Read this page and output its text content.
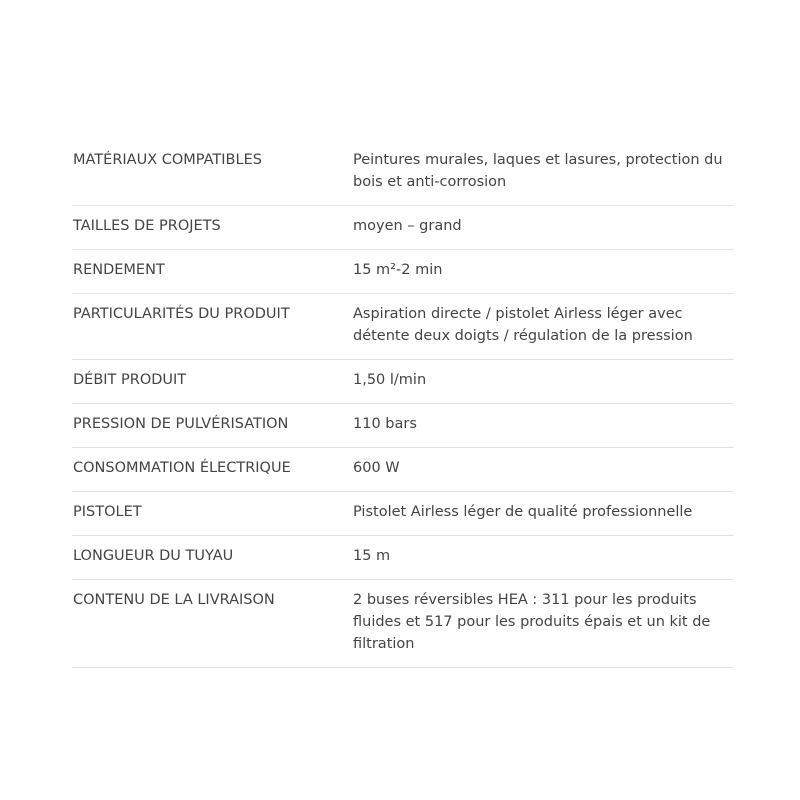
MATÉRIAUX COMPATIBLES	Peintures murales, laques et lasures, protection du bois et anti-corrosion
TAILLES DE PROJETS	moyen – grand
RENDEMENT	15 m²-2 min
PARTICULARITÉS DU PRODUIT	Aspiration directe / pistolet Airless léger avec détente deux doigts / régulation de la pression
DÉBIT PRODUIT	1,50 l/min
PRESSION DE PULVÉRISATION	110 bars
CONSOMMATION ÉLECTRIQUE	600 W
PISTOLET	Pistolet Airless léger de qualité professionnelle
LONGUEUR DU TUYAU	15 m
CONTENU DE LA LIVRAISON	2 buses réversibles HEA : 311 pour les produits fluides et 517 pour les produits épais et un kit de filtration
